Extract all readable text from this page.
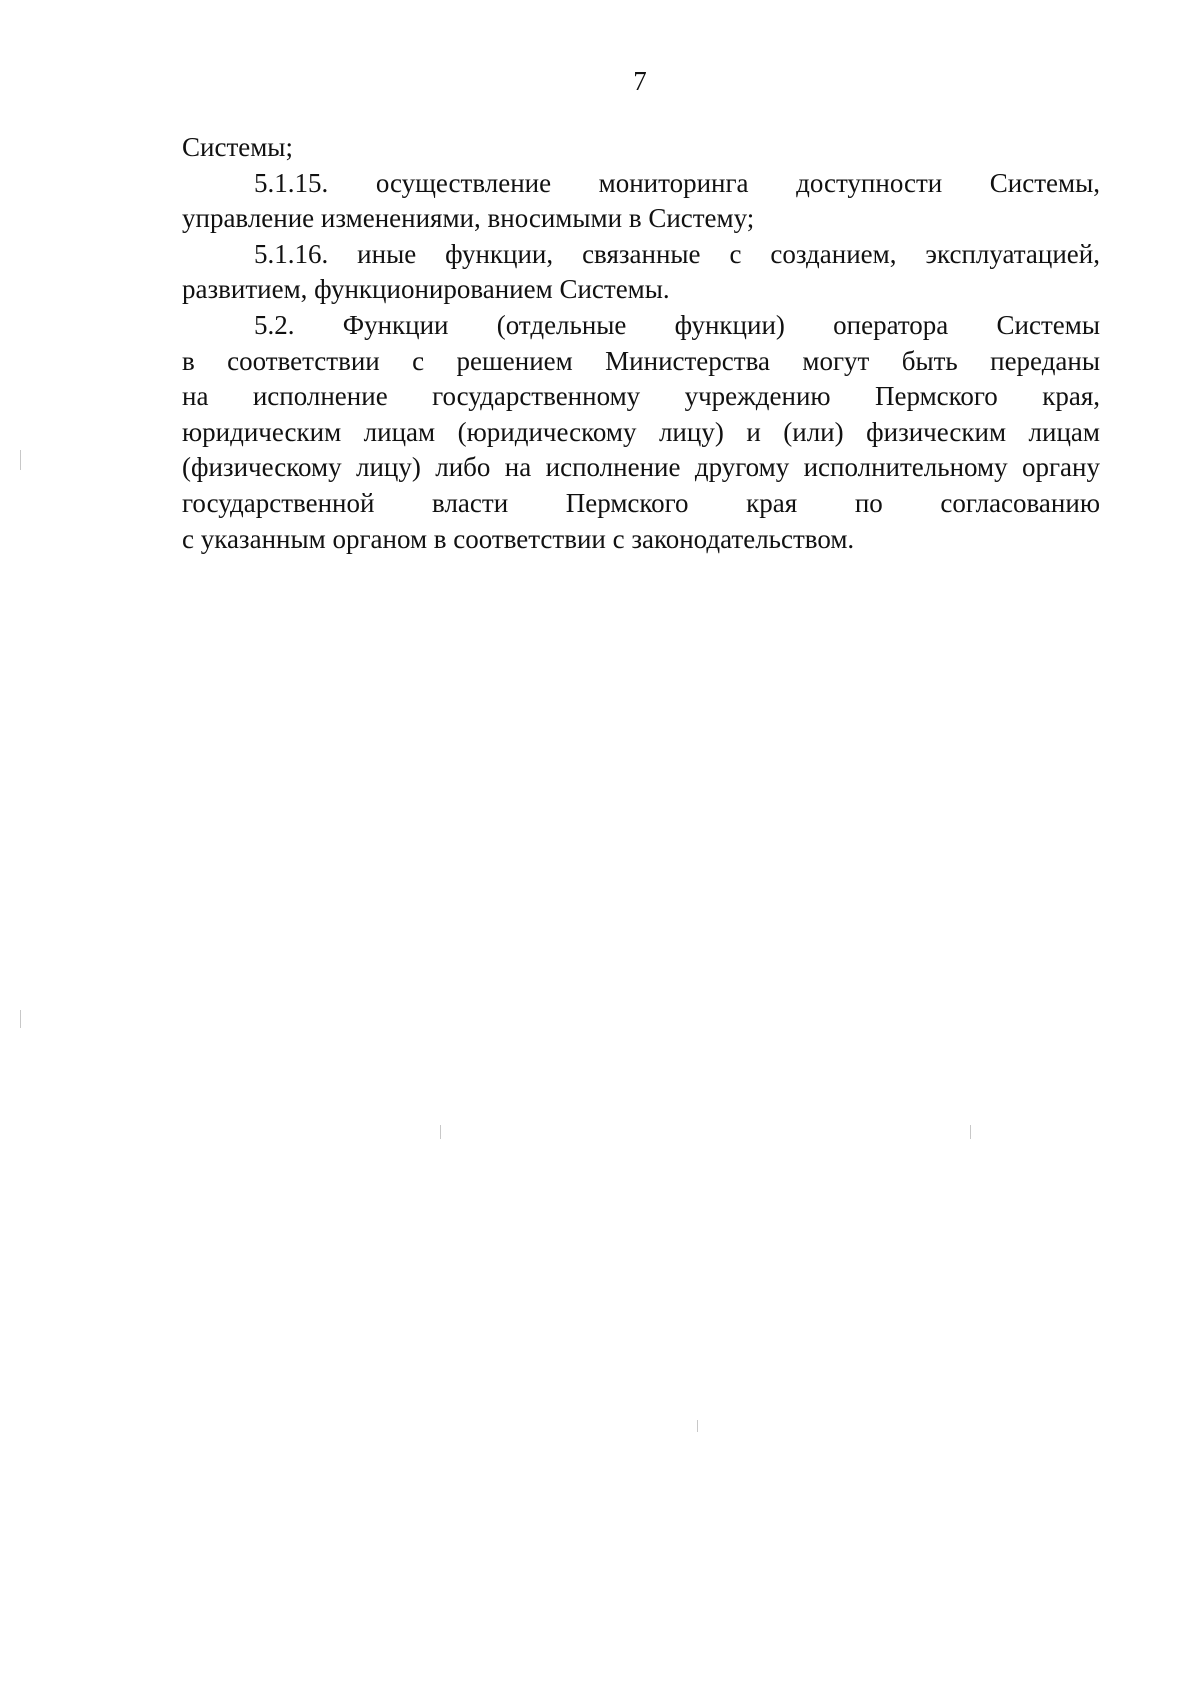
7
Системы;
5.1.15. осуществление мониторинга доступности Системы,
управление изменениями, вносимыми в Систему;
5.1.16. иные функции, связанные с созданием, эксплуатацией,
развитием, функционированием Системы.
5.2. Функции (отдельные функции) оператора Системы
в соответствии с решением Министерства могут быть переданы
на исполнение государственному учреждению Пермского края,
юридическим лицам (юридическому лицу) и (или) физическим лицам
(физическому лицу) либо на исполнение другому исполнительному органу
государственной власти Пермского края по согласованию
с указанным органом в соответствии с законодательством.
